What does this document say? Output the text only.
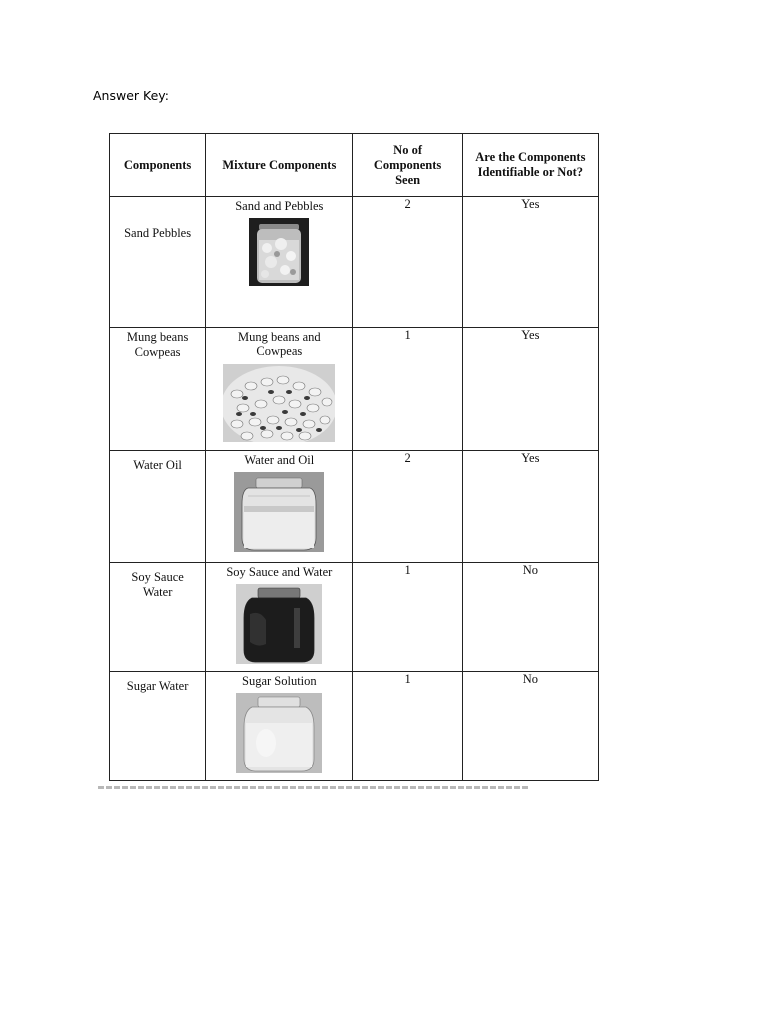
Answer Key:
Components	Mixture Components	No of Components Seen	Are the Components Identifiable or Not?

Sand Pebbles	Sand and Pebbles	2	Yes

Mung beans Cowpeas	Mung beans and Cowpeas	1	Yes

Water Oil	Water and Oil	2	Yes

Soy Sauce Water	Soy Sauce and Water	1	No

Sugar Water	Sugar Solution	1	No
